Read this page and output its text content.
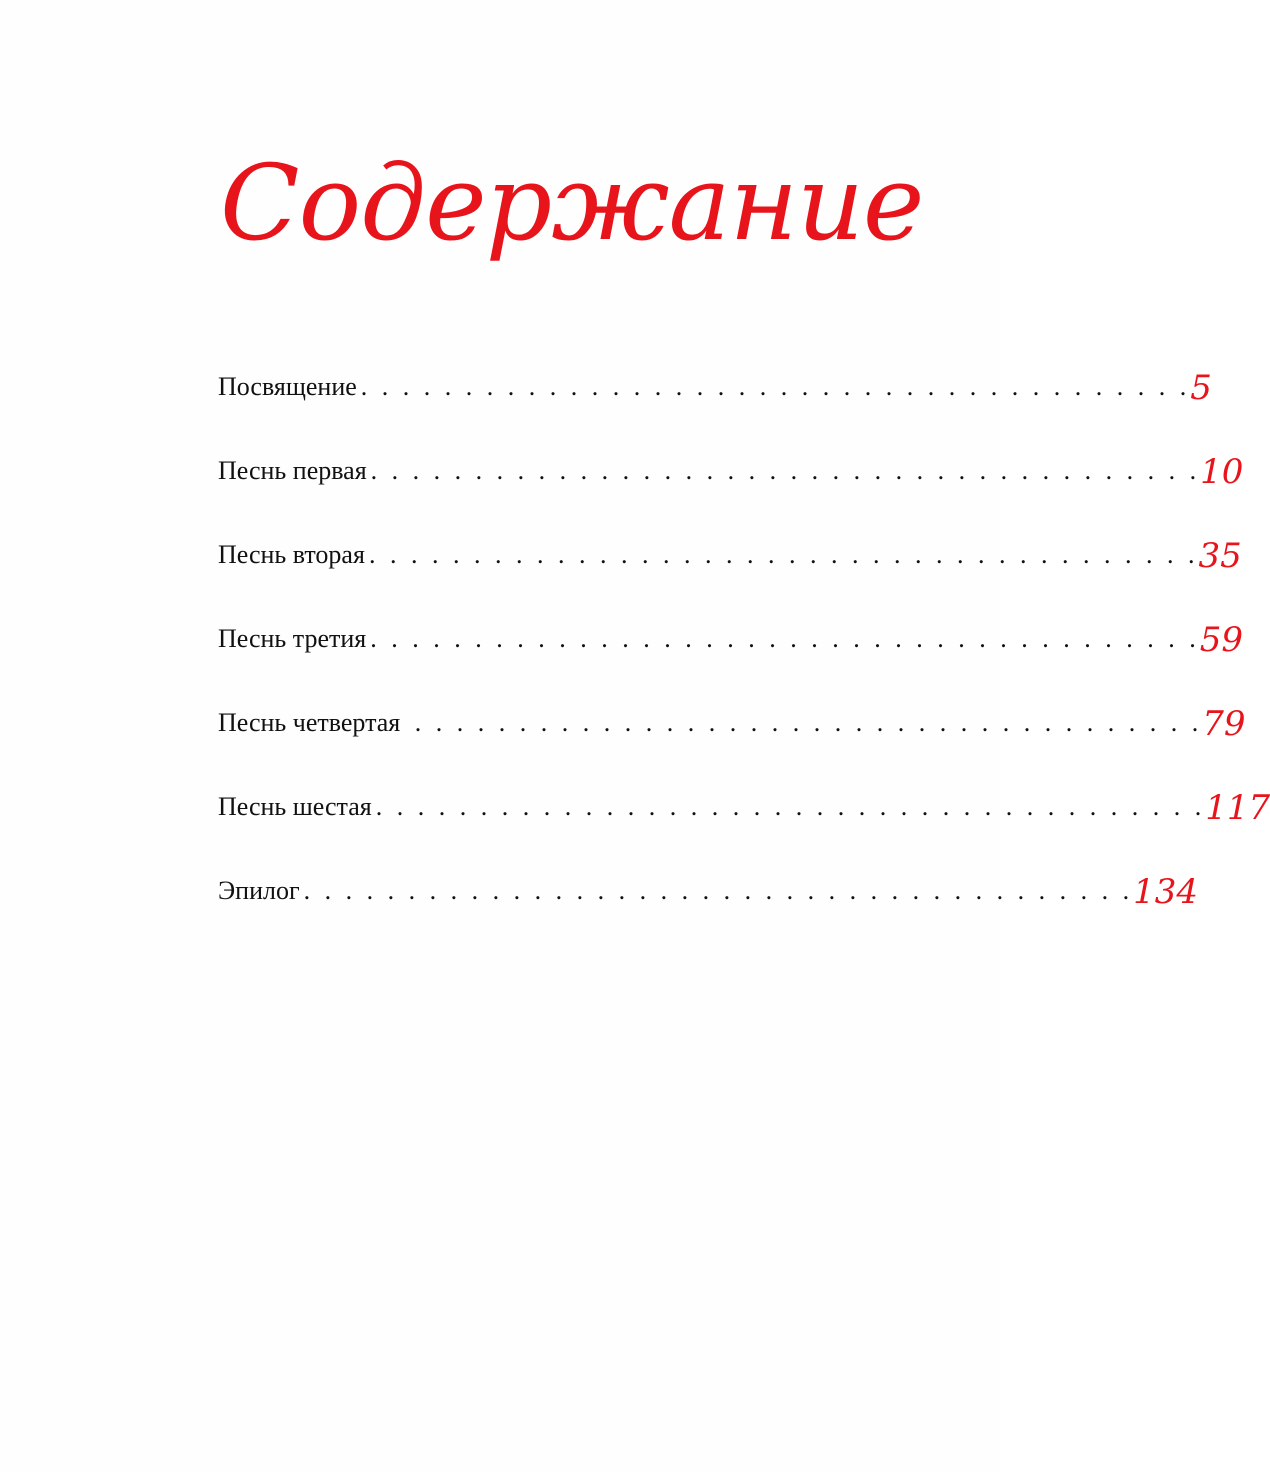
Содержание
Посвящение . . . . . . . . . . . . . . . . . . . . . . . . . . . . . . . . . . . . . . . . 5
Песнь первая . . . . . . . . . . . . . . . . . . . . . . . . . . . . . . . . . . . . . . . . 10
Песнь вторая . . . . . . . . . . . . . . . . . . . . . . . . . . . . . . . . . . . . . . . . 35
Песнь третия . . . . . . . . . . . . . . . . . . . . . . . . . . . . . . . . . . . . . . . . 59
Песнь четвертая . . . . . . . . . . . . . . . . . . . . . . . . . . . . . . . . . . . . . . 79
Песнь шестая . . . . . . . . . . . . . . . . . . . . . . . . . . . . . . . . . . . . . . . . 117
Эпилог . . . . . . . . . . . . . . . . . . . . . . . . . . . . . . . . . . . . . . . . 134
